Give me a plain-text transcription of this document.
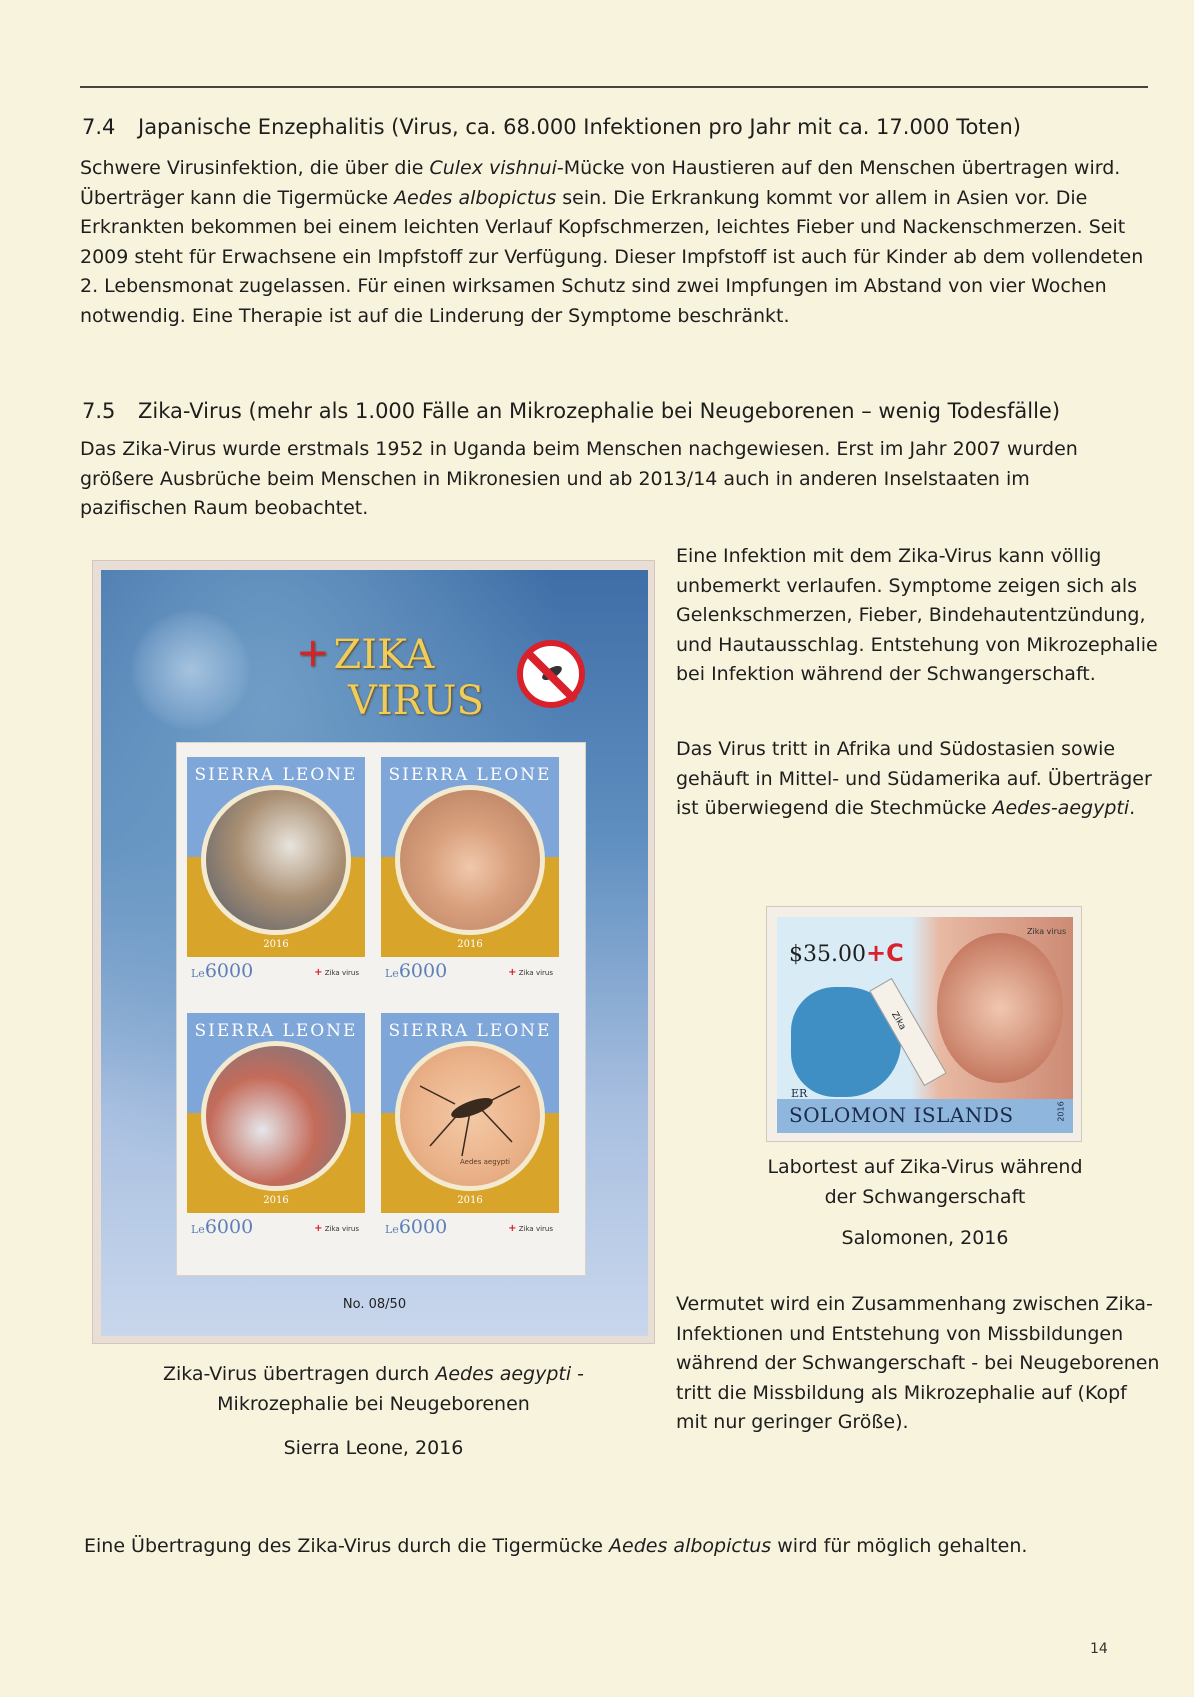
7.4 Japanische Enzephalitis (Virus, ca. 68.000 Infektionen pro Jahr mit ca. 17.000 Toten)
Schwere Virusinfektion, die über die Culex vishnui-Mücke von Haustieren auf den Menschen übertragen wird. Überträger kann die Tigermücke Aedes albopictus sein. Die Erkrankung kommt vor allem in Asien vor. Die Erkrankten bekommen bei einem leichten Verlauf Kopfschmerzen, leichtes Fieber und Nackenschmerzen. Seit 2009 steht für Erwachsene ein Impfstoff zur Verfügung. Dieser Impfstoff ist auch für Kinder ab dem vollendeten 2. Lebensmonat zugelassen. Für einen wirksamen Schutz sind zwei Impfungen im Abstand von vier Wochen notwendig. Eine Therapie ist auf die Linderung der Symptome beschränkt.
7.5 Zika-Virus (mehr als 1.000 Fälle an Mikrozephalie bei Neugeborenen – wenig Todesfälle)
Das Zika-Virus wurde erstmals 1952 in Uganda beim Menschen nachgewiesen. Erst im Jahr 2007 wurden größere Ausbrüche beim Menschen in Mikronesien und ab 2013/14 auch in anderen Inselstaaten im pazifischen Raum beobachtet.
+ ZIKA
VIRUS
SIERRA LEONE
2016
Le6000	+ Zika virus
SIERRA LEONE
2016
Le6000	+ Zika virus
SIERRA LEONE
2016
Le6000	+ Zika virus
Aedes aegypti
SIERRA LEONE
2016
Le6000	+ Zika virus
No. 08/50
Zika-Virus übertragen durch Aedes aegypti -
Mikrozephalie bei Neugeborenen
Sierra Leone, 2016
Eine Infektion mit dem Zika-Virus kann völlig unbemerkt verlaufen. Symptome zeigen sich als Gelenkschmerzen, Fieber, Bindehautentzündung, und Hautausschlag. Entstehung von Mikrozephalie bei Infektion während der Schwangerschaft.
Das Virus tritt in Afrika und Südostasien sowie gehäuft in Mittel- und Südamerika auf. Überträger ist überwiegend die Stechmücke Aedes-aegypti.
Zika
$35.00+C
Zika virus
ER
SOLOMON ISLANDS	2016
Labortest auf Zika-Virus während
der Schwangerschaft
Salomonen, 2016
Vermutet wird ein Zusammenhang zwischen Zika-Infektionen und Entstehung von Missbildungen während der Schwangerschaft - bei Neugeborenen tritt die Missbildung als Mikrozephalie auf (Kopf mit nur geringer Größe).
Eine Übertragung des Zika-Virus durch die Tigermücke Aedes albopictus wird für möglich gehalten.
14
